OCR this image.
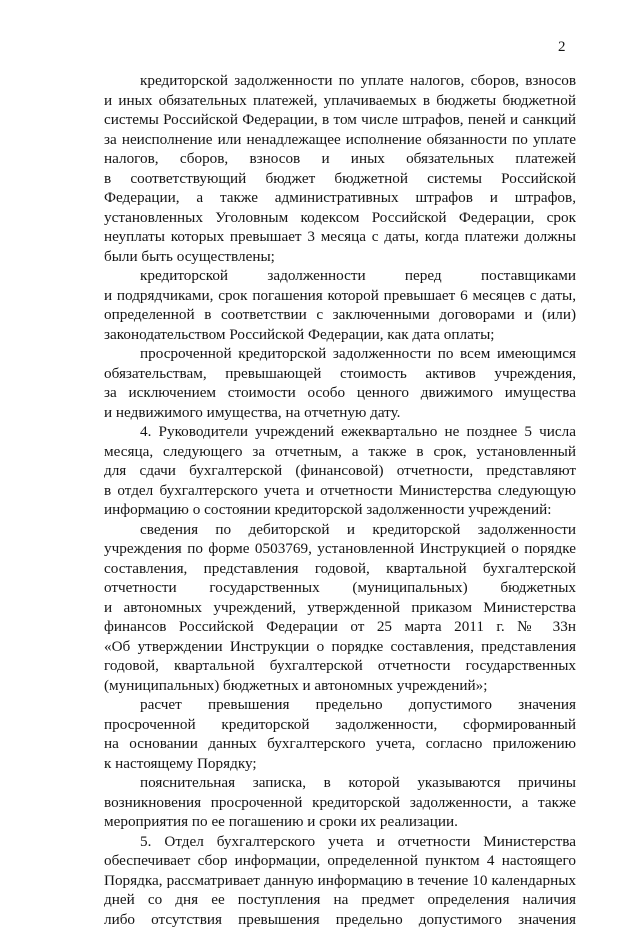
2
кредиторской задолженности по уплате налогов, сборов, взносов
и иных обязательных платежей, уплачиваемых в бюджеты бюджетной
системы Российской Федерации, в том числе штрафов, пеней и санкций
за неисполнение или ненадлежащее исполнение обязанности по уплате
налогов, сборов, взносов и иных обязательных платежей
в соответствующий бюджет бюджетной системы Российской
Федерации, а также административных штрафов и штрафов,
установленных Уголовным кодексом Российской Федерации, срок
неуплаты которых превышает 3 месяца с даты, когда платежи должны
были быть осуществлены;
кредиторской задолженности перед поставщиками
и подрядчиками, срок погашения которой превышает 6 месяцев с даты,
определенной в соответствии с заключенными договорами и (или)
законодательством Российской Федерации, как дата оплаты;
просроченной кредиторской задолженности по всем имеющимся
обязательствам, превышающей стоимость активов учреждения,
за исключением стоимости особо ценного движимого имущества
и недвижимого имущества, на отчетную дату.
4. Руководители учреждений ежеквартально не позднее 5 числа
месяца, следующего за отчетным, а также в срок, установленный
для сдачи бухгалтерской (финансовой) отчетности, представляют
в отдел бухгалтерского учета и отчетности Министерства следующую
информацию о состоянии кредиторской задолженности учреждений:
сведения по дебиторской и кредиторской задолженности
учреждения по форме 0503769, установленной Инструкцией о порядке
составления, представления годовой, квартальной бухгалтерской
отчетности государственных (муниципальных) бюджетных
и автономных учреждений, утвержденной приказом Министерства
финансов Российской Федерации от 25 марта 2011 г. № 33н
«Об утверждении Инструкции о порядке составления, представления
годовой, квартальной бухгалтерской отчетности государственных
(муниципальных) бюджетных и автономных учреждений»;
расчет превышения предельно допустимого значения
просроченной кредиторской задолженности, сформированный
на основании данных бухгалтерского учета, согласно приложению
к настоящему Порядку;
пояснительная записка, в которой указываются причины
возникновения просроченной кредиторской задолженности, а также
мероприятия по ее погашению и сроки их реализации.
5. Отдел бухгалтерского учета и отчетности Министерства
обеспечивает сбор информации, определенной пунктом 4 настоящего
Порядка, рассматривает данную информацию в течение 10 календарных
дней со дня ее поступления на предмет определения наличия
либо отсутствия превышения предельно допустимого значения
